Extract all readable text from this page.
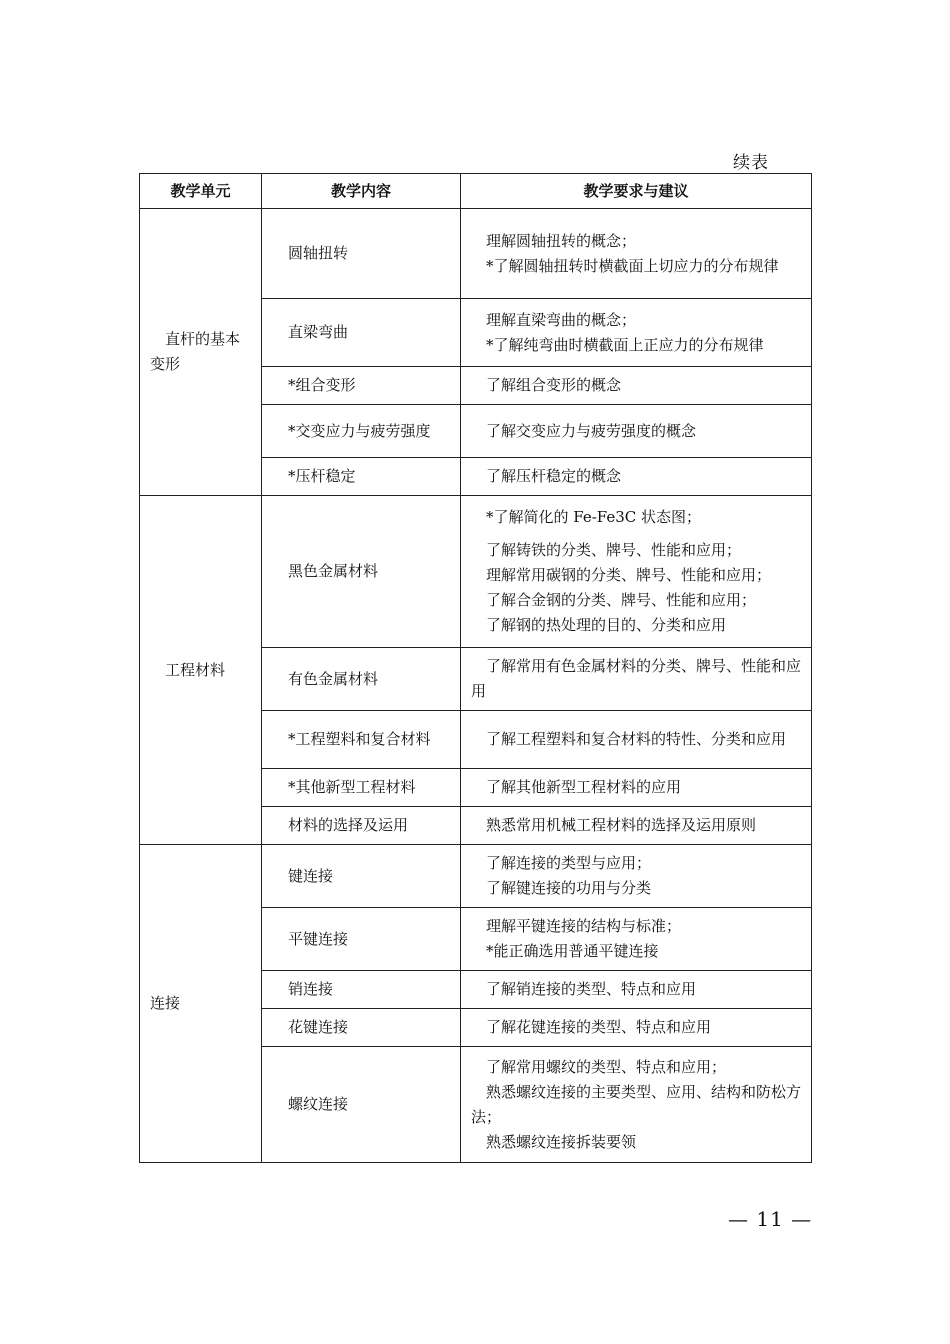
续表
教学单元	教学内容	教学要求与建议
直杆的基本变形	圆轴扭转	理解圆轴扭转的概念；
*了解圆轴扭转时横截面上切应力的分布规律

	直梁弯曲	理解直梁弯曲的概念；
*了解纯弯曲时横截面上正应力的分布规律

	*组合变形	了解组合变形的概念

	*交变应力与疲劳强度	了解交变应力与疲劳强度的概念

	*压杆稳定	了解压杆稳定的概念

工程材料	黑色金属材料	*了解简化的 Fe-Fe3C 状态图；
了解铸铁的分类、牌号、性能和应用；
理解常用碳钢的分类、牌号、性能和应用；
了解合金钢的分类、牌号、性能和应用；
了解钢的热处理的目的、分类和应用

	有色金属材料	了解常用有色金属材料的分类、牌号、性能和应用

	*工程塑料和复合材料	了解工程塑料和复合材料的特性、分类和应用

	*其他新型工程材料	了解其他新型工程材料的应用

	材料的选择及运用	熟悉常用机械工程材料的选择及运用原则

连接	键连接	了解连接的类型与应用；
了解键连接的功用与分类

	平键连接	理解平键连接的结构与标准；
*能正确选用普通平键连接

	销连接	了解销连接的类型、特点和应用

	花键连接	了解花键连接的类型、特点和应用

	螺纹连接	了解常用螺纹的类型、特点和应用；
熟悉螺纹连接的主要类型、应用、结构和防松方法；
熟悉螺纹连接拆装要领
— 11 —
